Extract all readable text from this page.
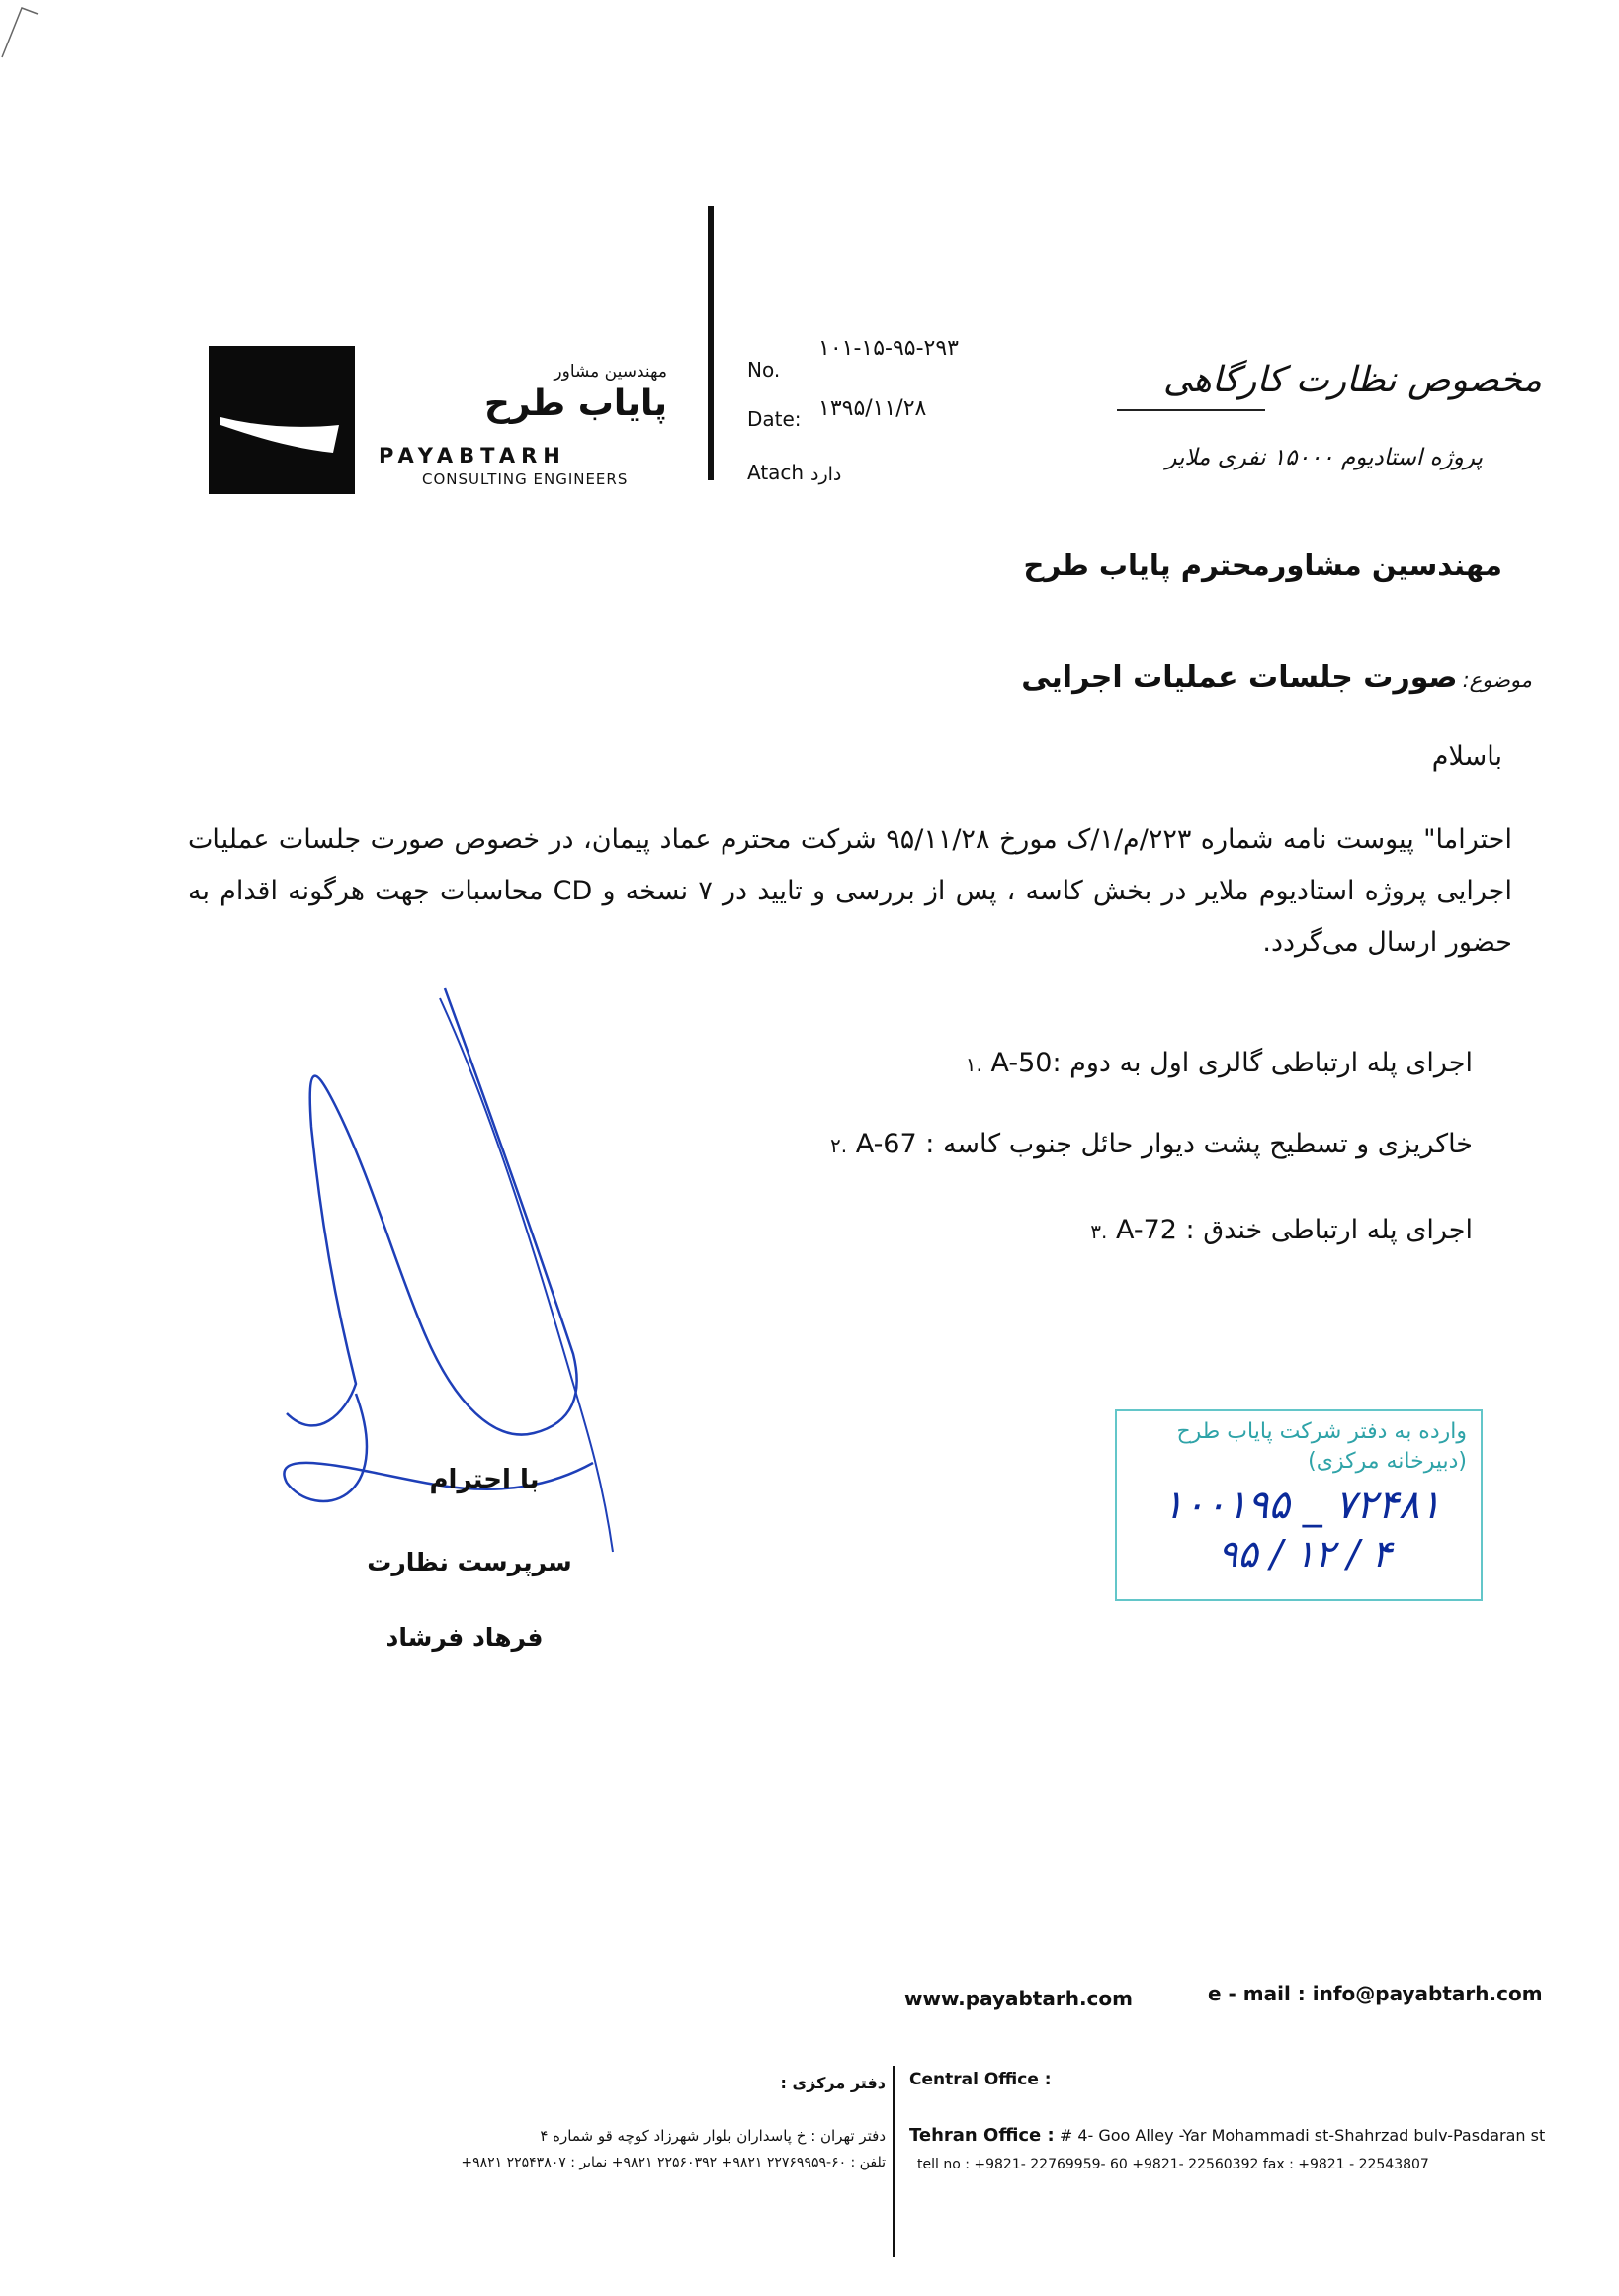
مهندسین مشاور
پایاب طرح
PAYABTARH
CONSULTING ENGINEERS
No.
۱۰۱-۱۵-۹۵-۲۹۳
Date: ۱۳۹۵/۱۱/۲۸
Atach دارد
مخصوص نظارت کارگاهی
پروژه استادیوم ۱۵۰۰۰ نفری ملایر
مهندسین مشاورمحترم پایاب طرح
موضوع: صورت جلسات عملیات اجرایی
باسلام
احتراما" پیوست نامه شماره ۲۲۳/م/۱/ک مورخ ۹۵/۱۱/۲۸ شرکت محترم عماد پیمان، در خصوص صورت جلسات عملیات اجرایی پروژه استادیوم ملایر در بخش کاسه ، پس از بررسی و تایید در ۷ نسخه و CD محاسبات جهت هرگونه اقدام به حضور ارسال می‌گردد.
.۱ A-50: اجرای پله ارتباطی گالری اول به دوم
.۲ A-67 : خاکریزی و تسطیح پشت دیوار حائل جنوب کاسه
.۳ A-72 : اجرای پله ارتباطی خندق
با احترام
سرپرست نظارت
فرهاد فرشاد
وارده به دفتر شرکت پایاب طرح (دبیرخانه مرکزی)
۱۰۰۱۹۵ _ ۷۲۴۸۱
۹۵ / ۱۲ / ۴
www.payabtarh.com	e - mail : info@payabtarh.com
دفتر مرکزی : Central Office :
دفتر تهران : خ پاسداران بلوار شهرزاد کوچه قو شماره ۴
تلفن : ۶۰-۲۲۷۶۹۹۵۹ ۹۸۲۱+ ۲۲۵۶۰۳۹۲ ۹۸۲۱+ نمابر : ۲۲۵۴۳۸۰۷ ۹۸۲۱+
Tehran Office : # 4- Goo Alley -Yar Mohammadi st-Shahrzad bulv-Pasdaran st
tell no : +9821- 22769959- 60 +9821- 22560392 fax : +9821 - 22543807
